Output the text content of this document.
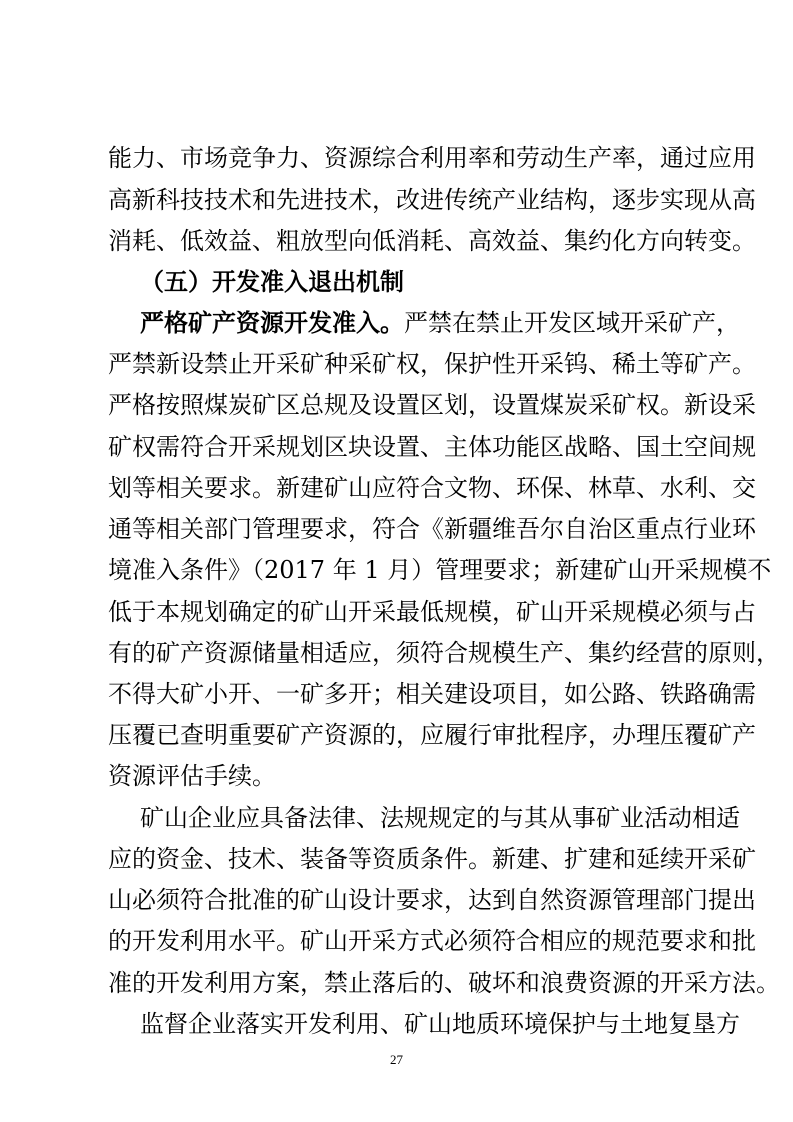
能力、市场竞争力、资源综合利用率和劳动生产率，通过应用
高新科技技术和先进技术，改进传统产业结构，逐步实现从高
消耗、低效益、粗放型向低消耗、高效益、集约化方向转变。
（五）开发准入退出机制
严格矿产资源开发准入。严禁在禁止开发区域开采矿产，
严禁新设禁止开采矿种采矿权，保护性开采钨、稀土等矿产。
严格按照煤炭矿区总规及设置区划，设置煤炭采矿权。新设采
矿权需符合开采规划区块设置、主体功能区战略、国土空间规
划等相关要求。新建矿山应符合文物、环保、林草、水利、交
通等相关部门管理要求，符合《新疆维吾尔自治区重点行业环
境准入条件》（2017 年 1 月）管理要求；新建矿山开采规模不
低于本规划确定的矿山开采最低规模，矿山开采规模必须与占
有的矿产资源储量相适应，须符合规模生产、集约经营的原则，
不得大矿小开、一矿多开；相关建设项目，如公路、铁路确需
压覆已查明重要矿产资源的，应履行审批程序，办理压覆矿产
资源评估手续。
矿山企业应具备法律、法规规定的与其从事矿业活动相适
应的资金、技术、装备等资质条件。新建、扩建和延续开采矿
山必须符合批准的矿山设计要求，达到自然资源管理部门提出
的开发利用水平。矿山开采方式必须符合相应的规范要求和批
准的开发利用方案，禁止落后的、破坏和浪费资源的开采方法。
监督企业落实开发利用、矿山地质环境保护与土地复垦方
27
